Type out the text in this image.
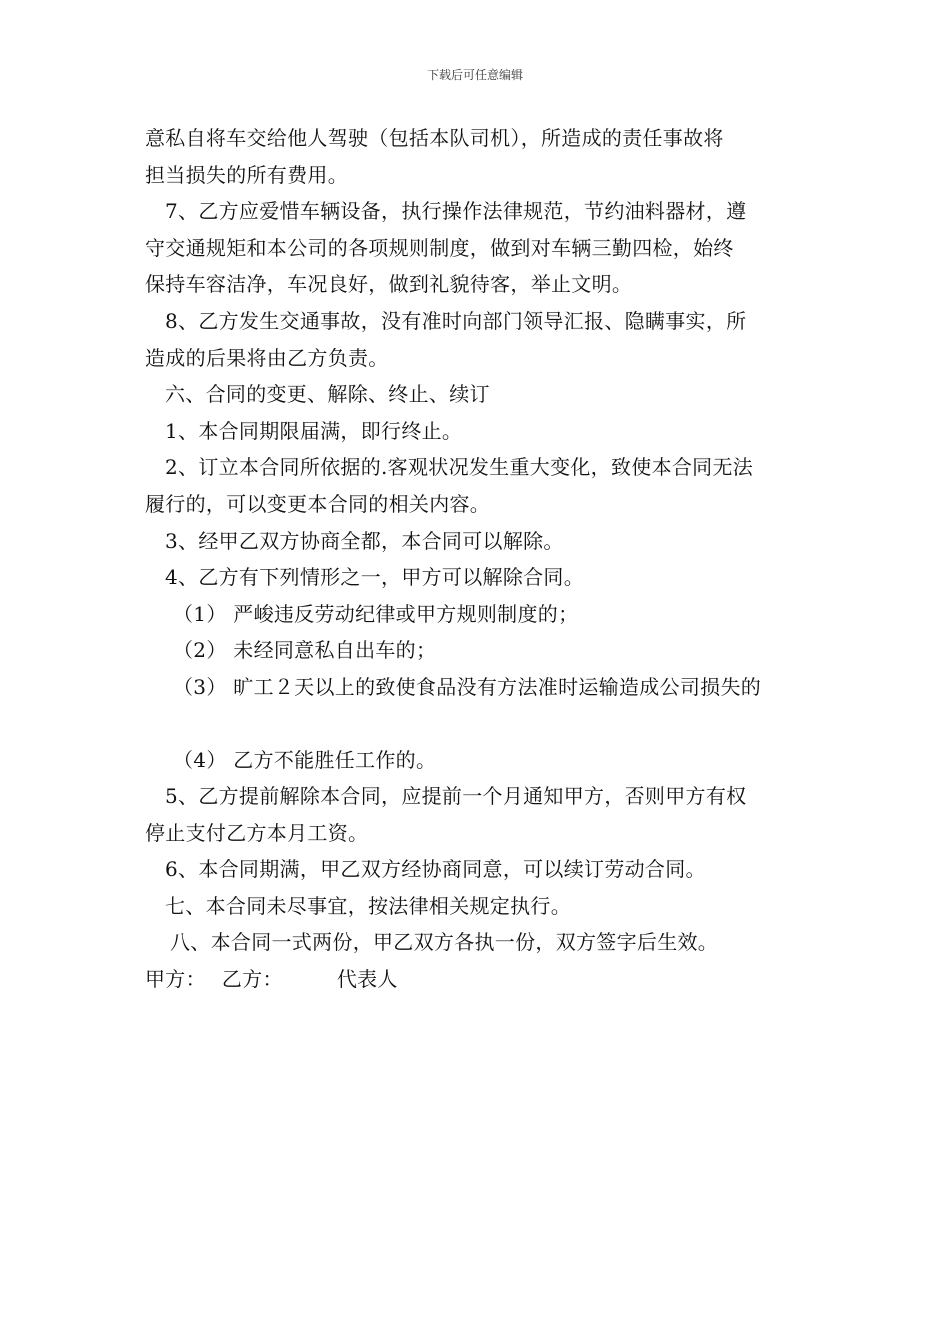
下载后可任意编辑
意私自将车交给他人驾驶（包括本队司机），所造成的责任事故将
担当损失的所有费用。
7、乙方应爱惜车辆设备，执行操作法律规范，节约油料器材，遵
守交通规矩和本公司的各项规则制度，做到对车辆三勤四检，始终
保持车容洁净，车况良好，做到礼貌待客，举止文明。
8、乙方发生交通事故，没有准时向部门领导汇报、隐瞒事实，所
造成的后果将由乙方负责。
六、合同的变更、解除、终止、续订
1、本合同期限届满，即行终止。
2、订立本合同所依据的.客观状况发生重大变化，致使本合同无法
履行的，可以变更本合同的相关内容。
3、经甲乙双方协商全都，本合同可以解除。
4、乙方有下列情形之一，甲方可以解除合同。
（1） 严峻违反劳动纪律或甲方规则制度的；
（2） 未经同意私自出车的；
（3） 旷工２天以上的致使食品没有方法准时运输造成公司损失的
（4） 乙方不能胜任工作的。
5、乙方提前解除本合同，应提前一个月通知甲方，否则甲方有权
停止支付乙方本月工资。
6、本合同期满，甲乙双方经协商同意，可以续订劳动合同。
七、本合同未尽事宜，按法律相关规定执行。
八、本合同一式两份，甲乙双方各执一份，双方签字后生效。
甲方： 乙方：	代表人
